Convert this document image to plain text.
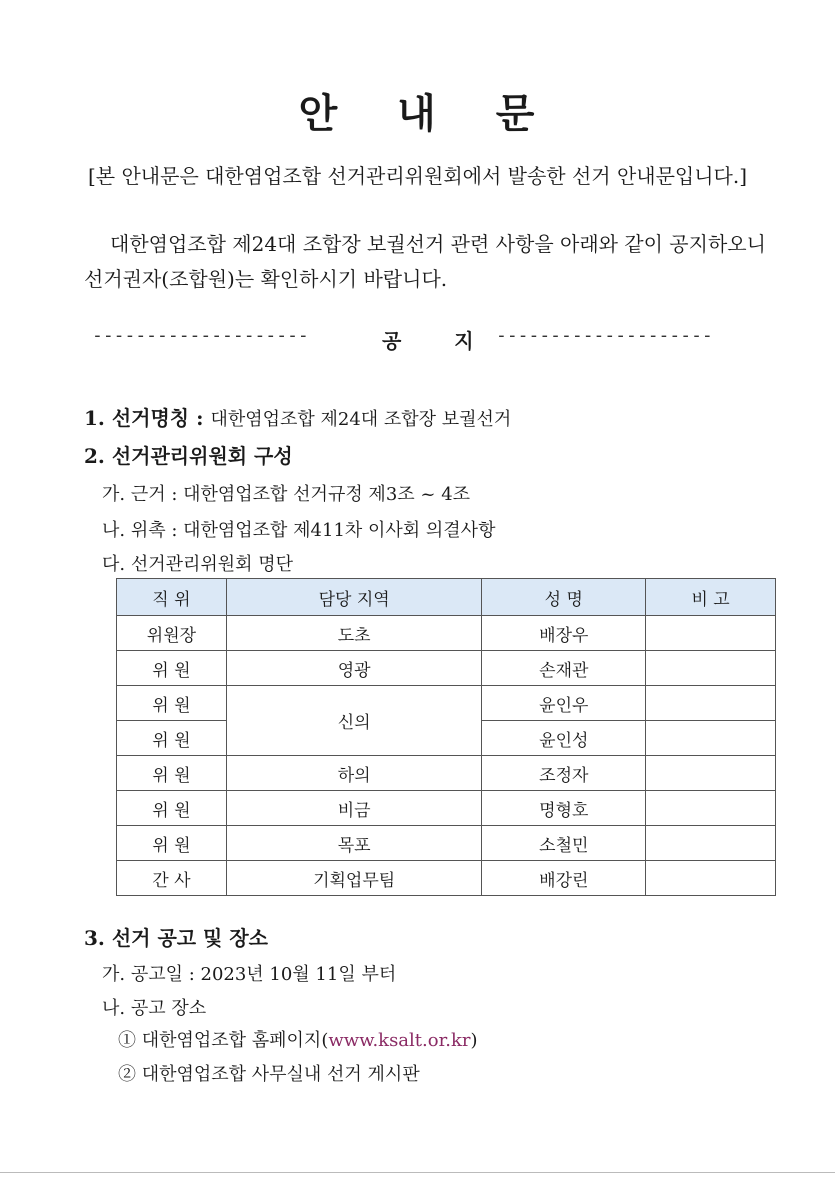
안 내 문
[본 안내문은 대한염업조합 선거관리위원회에서 발송한 선거 안내문입니다.]
대한염업조합 제24대 조합장 보궐선거 관련 사항을 아래와 같이 공지하오니
선거권자(조합원)는 확인하시기 바랍니다.
--------------------	공 지 --------------------
1. 선거명칭 : 대한염업조합 제24대 조합장 보궐선거
2. 선거관리위원회 구성
가. 근거 : 대한염업조합 선거규정 제3조 ~ 4조
나. 위촉 : 대한염업조합 제411차 이사회 의결사항
다. 선거관리위원회 명단
직 위	담당 지역	성 명	비 고
위원장	도초	배장우	
위 원	영광	손재관	
위 원	신의	윤인우	
위 원		윤인성	
위 원	하의	조정자	
위 원	비금	명형호	
위 원	목포	소철민	
간 사	기획업무팀	배강린	
3. 선거 공고 및 장소
가. 공고일 : 2023년 10월 11일 부터
나. 공고 장소
① 대한염업조합 홈페이지(www.ksalt.or.kr)
② 대한염업조합 사무실내 선거 게시판
